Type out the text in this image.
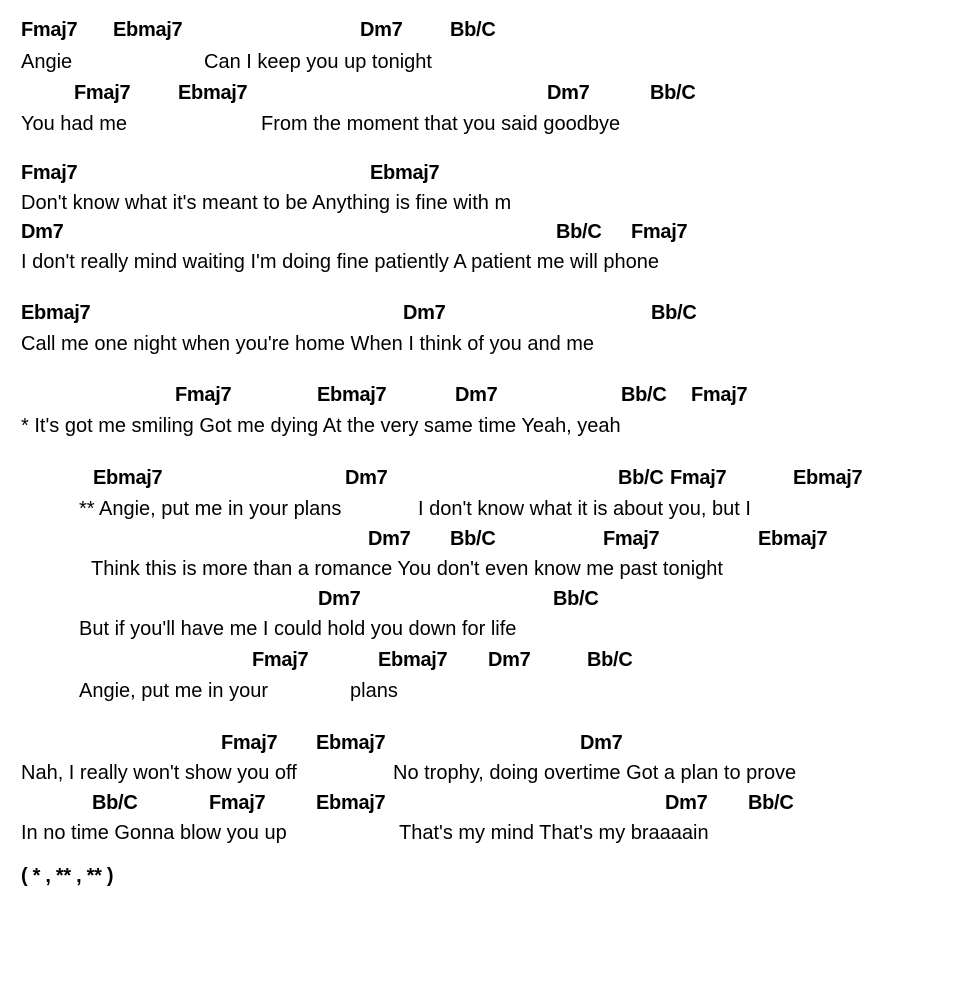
Fmaj7 Ebmaj7	Dm7 Bb/C
Angie	Can I keep you up tonight
Fmaj7 Ebmaj7	Dm7	Bb/C
You had me	From the moment that you said goodbye
Fmaj7	Ebmaj7
Don't know what it's meant to be Anything is fine with m
Dm7	Bb/C Fmaj7
I don't really mind waiting I'm doing fine patiently A patient me will phone
Ebmaj7	Dm7	Bb/C
Call me one night when you're home When I think of you and me
Fmaj7	Ebmaj7	Dm7	Bb/C Fmaj7
* It's got me smiling Got me dying At the very same time Yeah, yeah
Ebmaj7	Dm7	Bb/C Fmaj7	Ebmaj7
** Angie, put me in your plans	I don't know what it is about you, but I
Dm7 Bb/C	Fmaj7	Ebmaj7
Think this is more than a romance You don't even know me past tonight
Dm7	Bb/C
But if you'll have me I could hold you down for life
Fmaj7	Ebmaj7 Dm7	Bb/C
Angie, put me in your	plans
Fmaj7 Ebmaj7	Dm7
Nah, I really won't show you off	No trophy, doing overtime Got a plan to prove
Bb/C	Fmaj7	Ebmaj7	Dm7 Bb/C
In no time Gonna blow you up	That's my mind That's my braaaain
( * , ** , ** )
